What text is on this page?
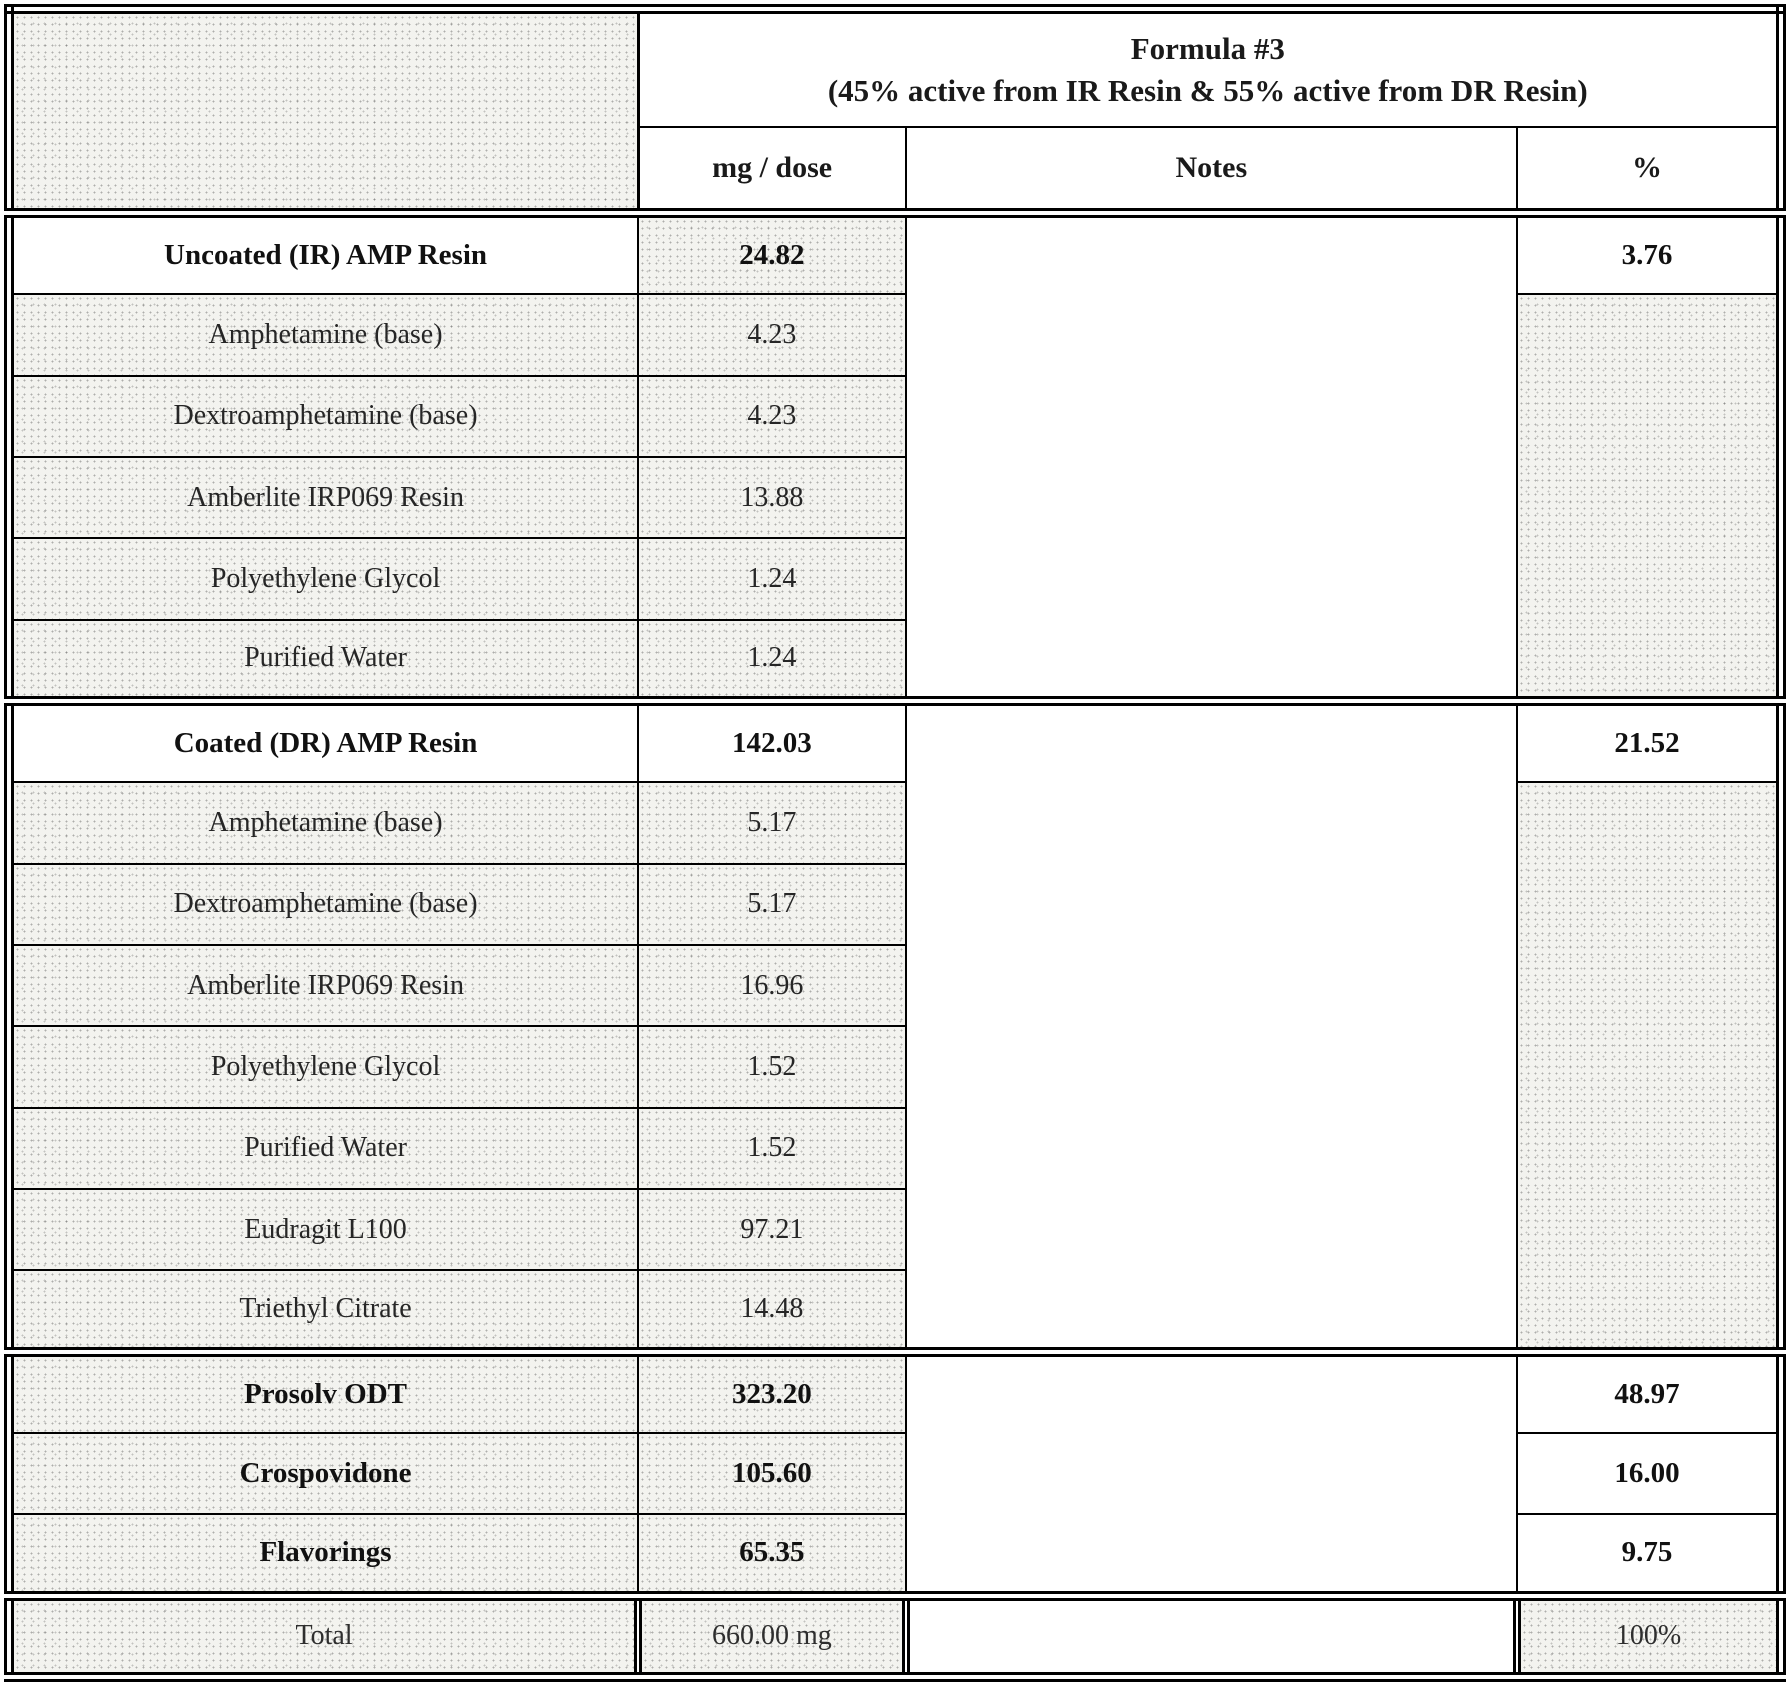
	Formula #3
(45% active from IR Resin & 55% active from DR Resin)		

	mg / dose	Notes	%
Uncoated (IR) AMP Resin	24.82		3.76
Amphetamine (base)	4.23		
Dextroamphetamine (base)	4.23		
Amberlite IRP069 Resin	13.88		
Polyethylene Glycol	1.24		
Purified Water	1.24		
Coated (DR) AMP Resin	142.03		21.52
Amphetamine (base)	5.17		
Dextroamphetamine (base)	5.17		
Amberlite IRP069 Resin	16.96		
Polyethylene Glycol	1.52		
Purified Water	1.52		
Eudragit L100	97.21		
Triethyl Citrate	14.48		
Prosolv ODT	323.20		48.97
Crospovidone	105.60		16.00
Flavorings	65.35		9.75
Total	660.00 mg		100%
